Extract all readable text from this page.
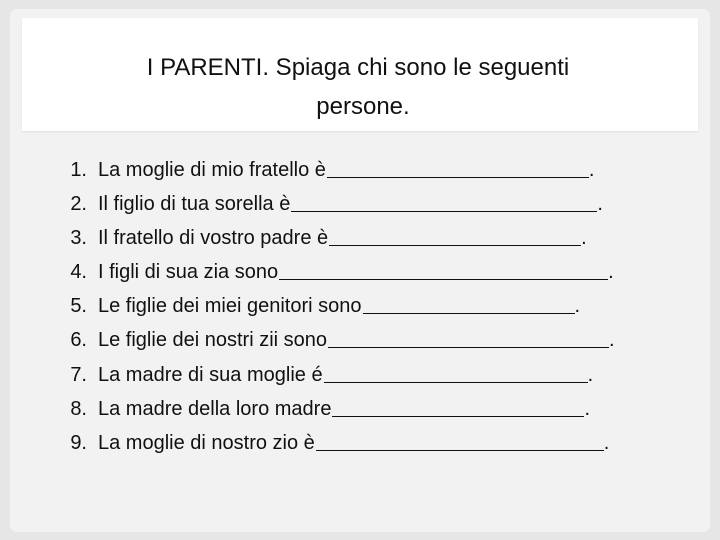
I PARENTI. Spiaga chi sono le seguenti
persone.
1. La moglie di mio fratello è	.
2. Il figlio di tua sorella è	.
3. Il fratello di vostro padre è	.
4. I figli di sua zia sono	.
5. Le figlie dei miei genitori sono	.
6. Le figlie dei nostri zii sono	.
7. La madre di sua moglie é	.
8. La madre della loro madre	.
9. La moglie di nostro zio è	.
